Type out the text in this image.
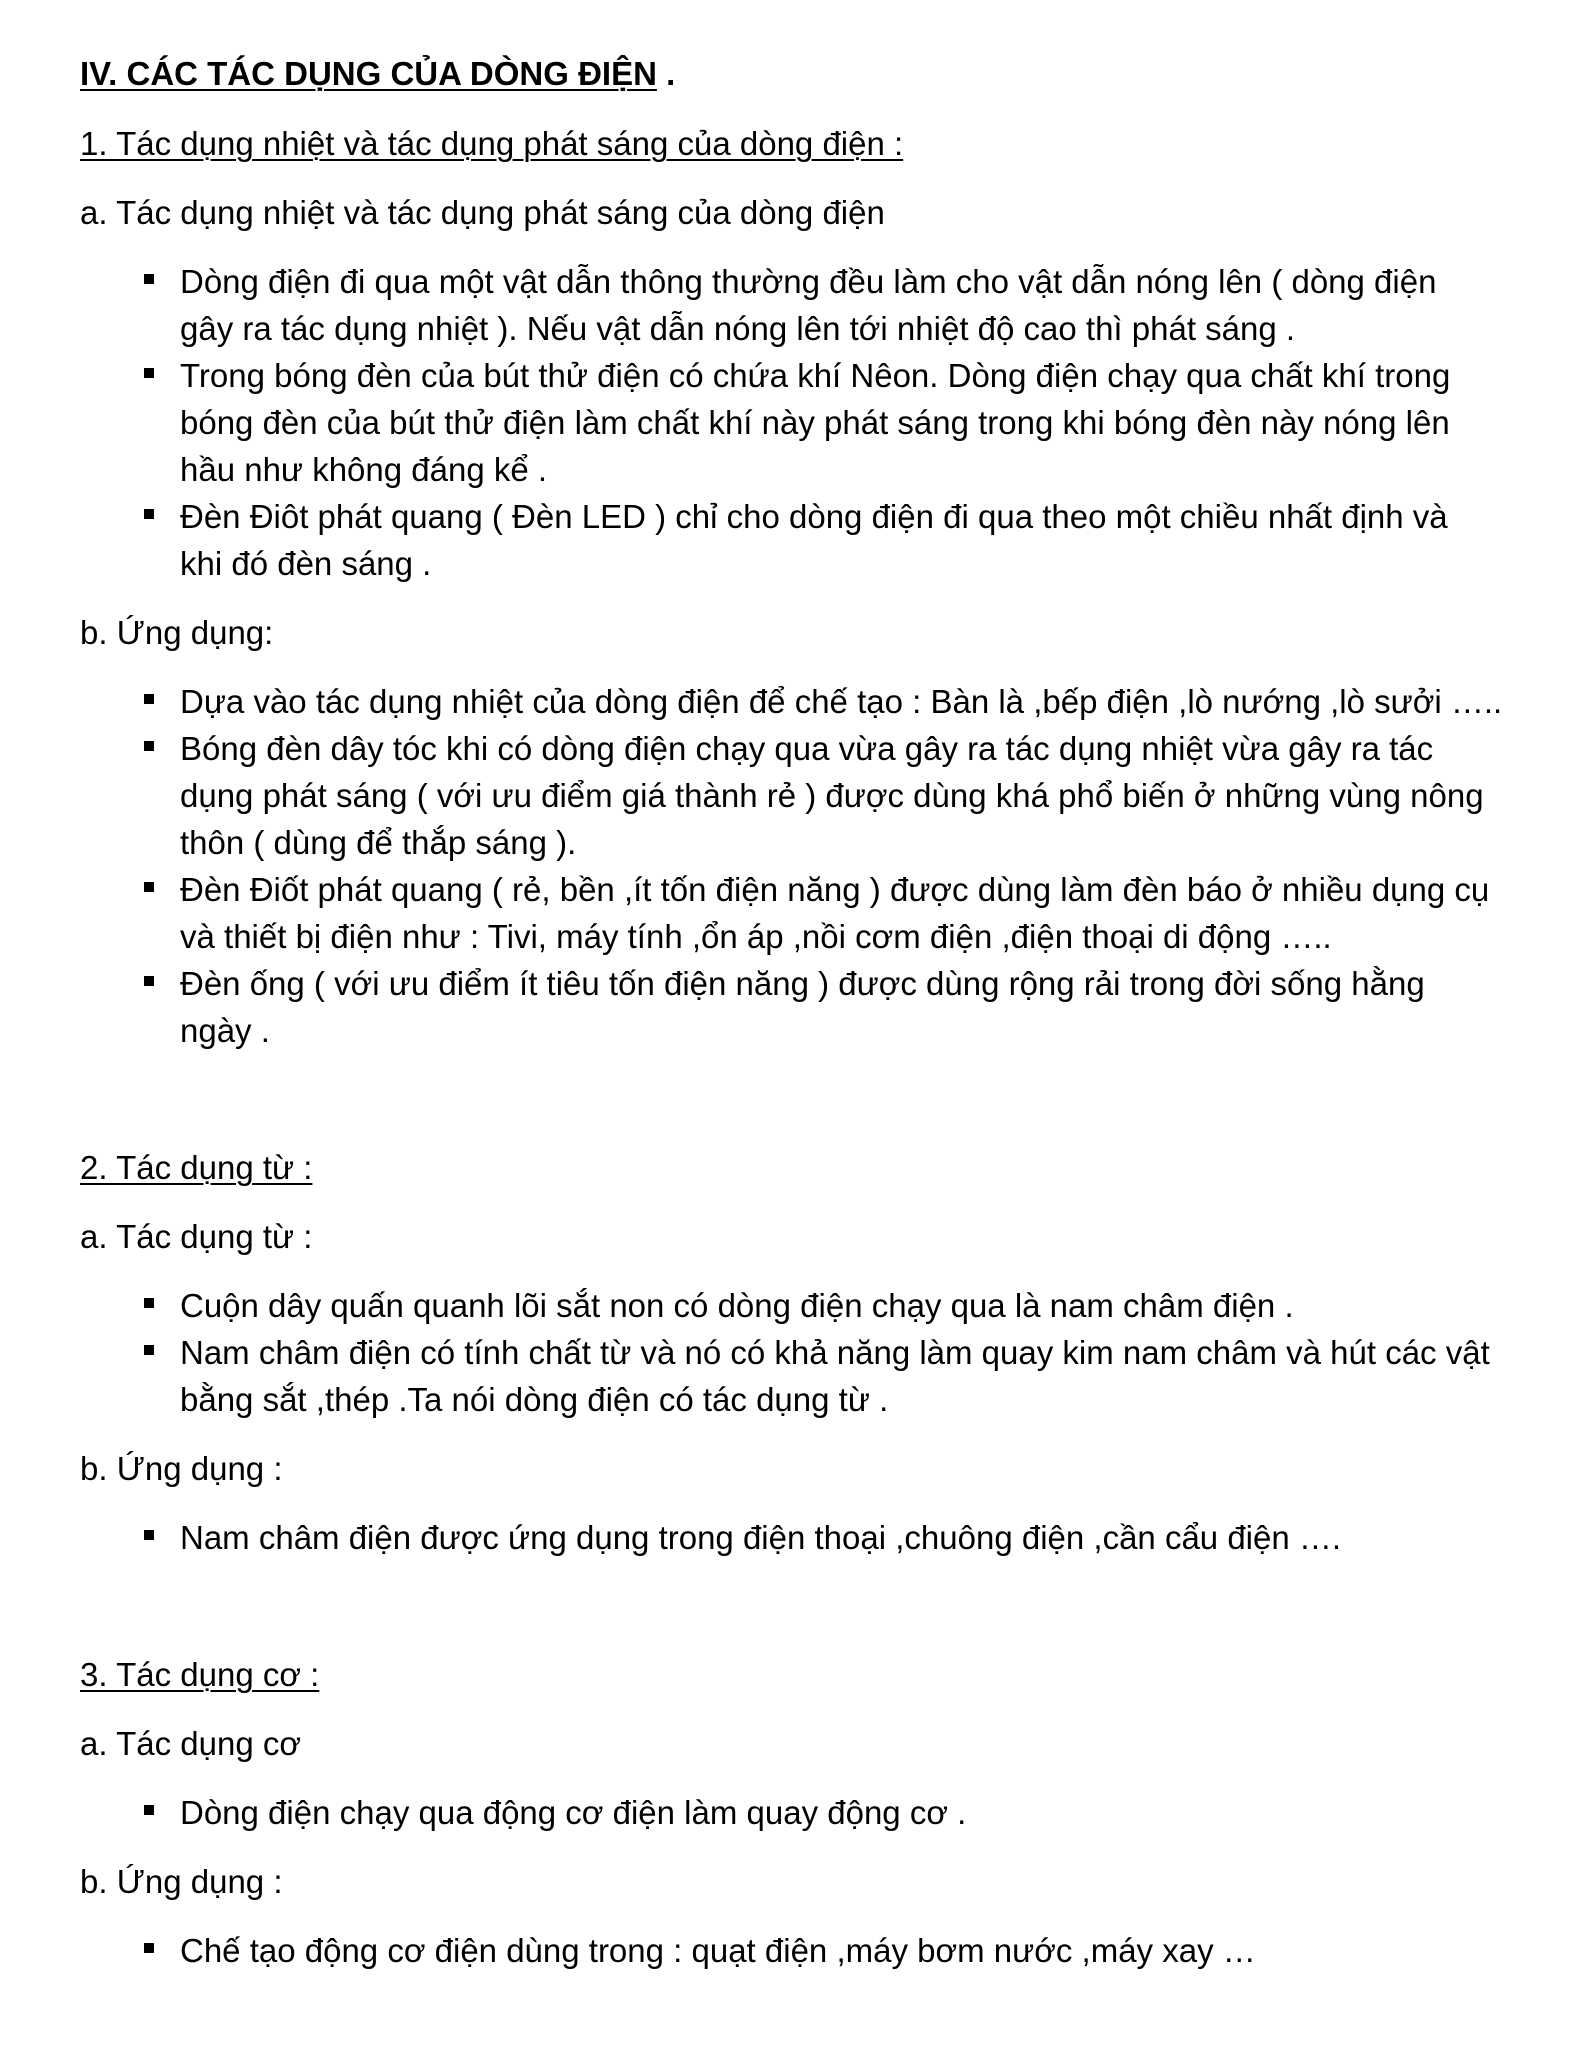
IV. CÁC TÁC DỤNG CỦA DÒNG ĐIỆN .
1. Tác dụng nhiệt và tác dụng phát sáng của dòng điện :
a. Tác dụng nhiệt và tác dụng phát sáng của dòng điện
Dòng điện đi qua một vật dẫn thông thường đều làm cho vật dẫn nóng lên ( dòng điện
gây ra tác dụng nhiệt ). Nếu vật dẫn nóng lên tới nhiệt độ cao thì phát sáng .
Trong bóng đèn của bút thử điện có chứa khí Nêon. Dòng điện chạy qua chất khí trong
bóng đèn của bút thử điện làm chất khí này phát sáng trong khi bóng đèn này nóng lên
hầu như không đáng kể .
Đèn Điôt phát quang ( Đèn LED ) chỉ cho dòng điện đi qua theo một chiều nhất định và
khi đó đèn sáng .
b. Ứng dụng:
Dựa vào tác dụng nhiệt của dòng điện để chế tạo : Bàn là ,bếp điện ,lò nướng ,lò sưởi …..
Bóng đèn dây tóc khi có dòng điện chạy qua vừa gây ra tác dụng nhiệt vừa gây ra tác
dụng phát sáng ( với ưu điểm giá thành rẻ ) được dùng khá phổ biến ở những vùng nông
thôn ( dùng để thắp sáng ).
Đèn Điốt phát quang ( rẻ, bền ,ít tốn điện năng ) được dùng làm đèn báo ở nhiều dụng cụ
và thiết bị điện như : Tivi, máy tính ,ổn áp ,nồi cơm điện ,điện thoại di động …..
Đèn ống ( với ưu điểm ít tiêu tốn điện năng ) được dùng rộng rải trong đời sống hằng
ngày .
2. Tác dụng từ :
a. Tác dụng từ :
Cuộn dây quấn quanh lõi sắt non có dòng điện chạy qua là nam châm điện .
Nam châm điện có tính chất từ và nó có khả năng làm quay kim nam châm và hút các vật
bằng sắt ,thép .Ta nói dòng điện có tác dụng từ .
b. Ứng dụng :
Nam châm điện được ứng dụng trong điện thoại ,chuông điện ,cần cẩu điện ….
3. Tác dụng cơ :
a. Tác dụng cơ
Dòng điện chạy qua động cơ điện làm quay động cơ .
b. Ứng dụng :
Chế tạo động cơ điện dùng trong : quạt điện ,máy bơm nước ,máy xay …
